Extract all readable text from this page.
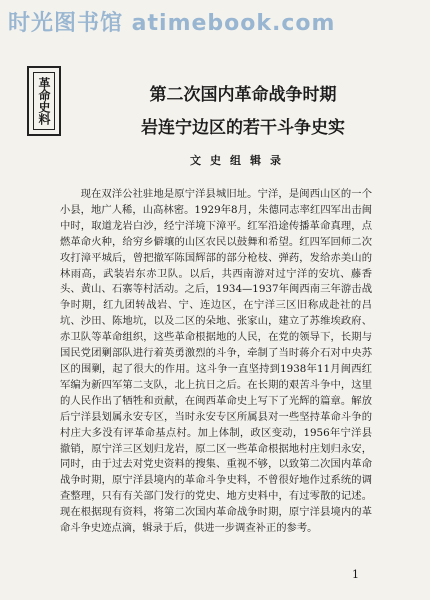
时光图书馆 atimebook.com
革命史料	第二次国内革命战争时期
岩连宁边区的若干斗争史实
文史组辑录

现在双洋公社驻地是原宁洋县城旧址。宁洋，是闽西山区的一个小县，地广人稀，山高林密。1929年8月，朱德同志率红四军出击闽中时，取道龙岩白沙，经宁洋境下漳平。红军沿途传播革命真理，点燃革命火种，给穷乡僻壤的山区农民以鼓舞和希望。红四军回师二次攻打漳平城后，曾把撤军陈国辉部的部分枪枝、弹药，发给赤美山的林雨高，武装岩东赤卫队。以后，共西南游对过宁洋的安坑、藤香头、黄山、石寨等村活动。之后，1934—1937年闽西南三年游击战争时期，红九团转战岩、宁、连边区，在宁洋三区旧称成赴社的吕坑、沙田、陈地坑，以及二区的朵地、张家山，建立了苏维埃政府、赤卫队等革命组织，这些革命根据地的人民，在党的领导下，长期与国民党团剿部队进行着英勇激烈的斗争，牵制了当时蒋介石对中央苏区的围剿，起了很大的作用。这斗争一直坚持到1938年11月闽西红军编为新四军第二支队，北上抗日之后。在长期的艰苦斗争中，这里的人民作出了牺牲和贡献，在闽西革命史上写下了光辉的篇章。解放后宁洋县划属永安专区，当时永安专区所属县对一些坚持革命斗争的村庄大多没有评革命基点村。加上体制，政区变动，1956年宁洋县撤销，原宁洋三区划归龙岩，原二区一些革命根据地村庄划归永安，同时，由于过去对党史资料的搜集、重视不够，以致第二次国内革命战争时期，原宁洋县境内的革命斗争史料，不曾很好地作过系统的调查整理，只有有关部门发行的党史、地方史料中，有过零散的记述。现在根据现有资料，将第二次国内革命战争时期，原宁洋县境内的革命斗争史迹点滴，辑录于后，供进一步调查补正的参考。

1
